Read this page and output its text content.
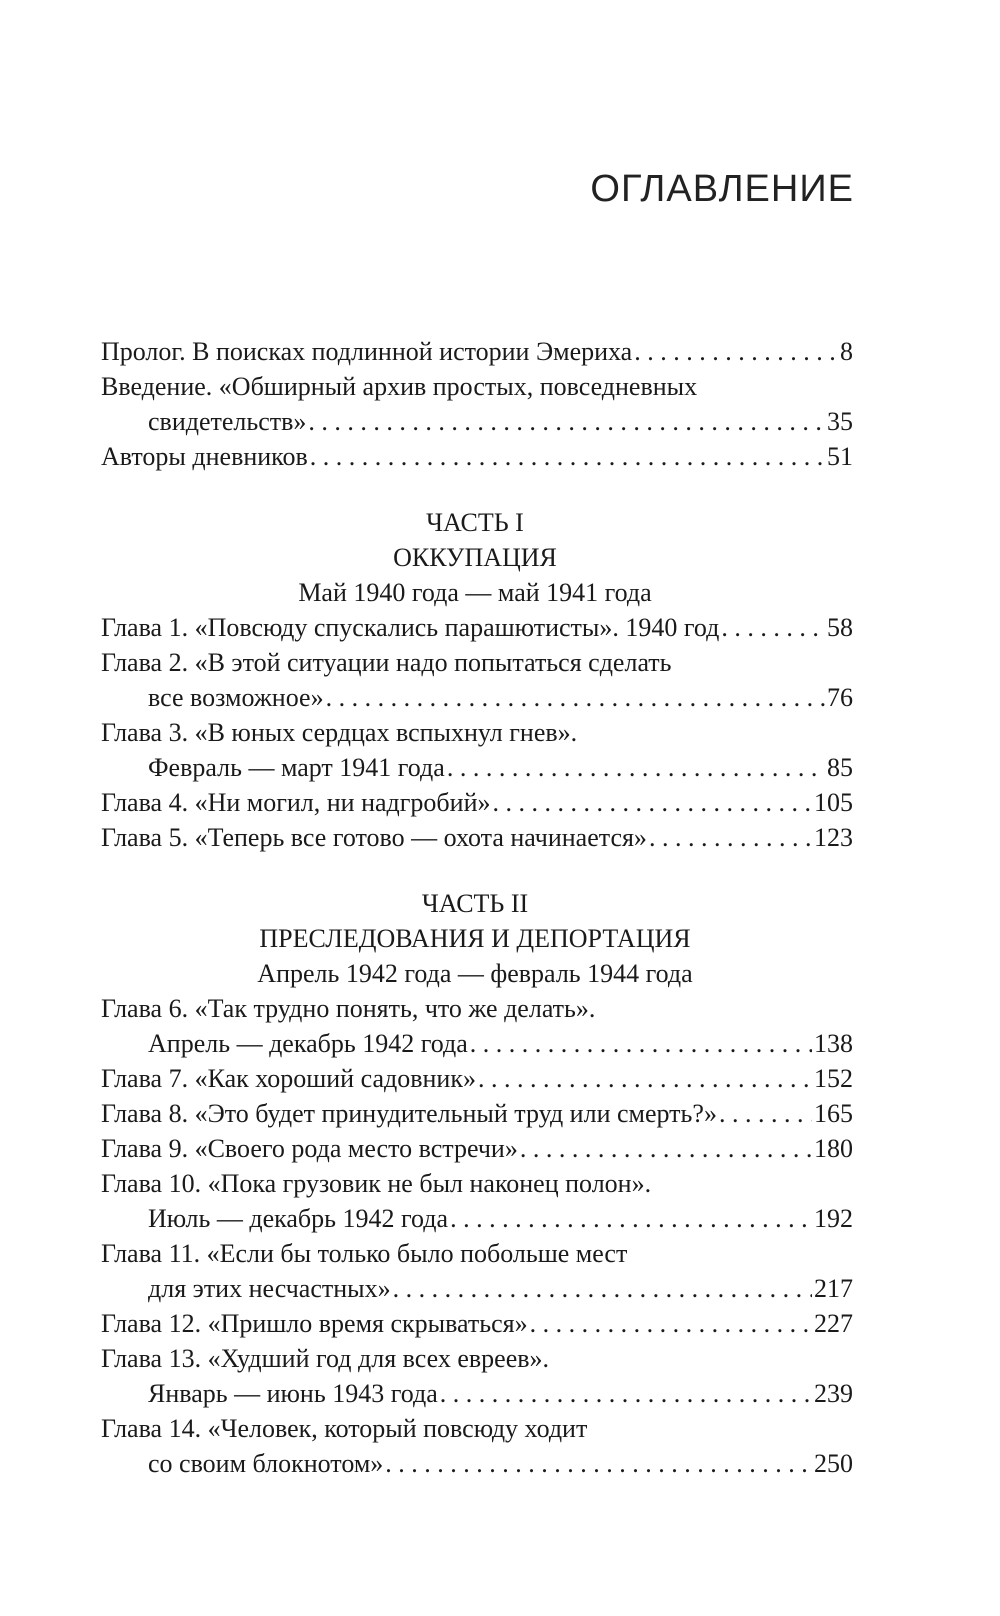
ОГЛАВЛЕНИЕ
Пролог. В поисках подлинной истории Эмериха . . .	8
Введение. «Обширный архив простых, повседневных
свидетельств» . . .	35
Авторы дневников . . .	51
ЧАСТЬ I
ОККУПАЦИЯ
Май 1940 года — май 1941 года
Глава 1. «Повсюду спускались парашютисты». 1940 год . . .	58
Глава 2. «В этой ситуации надо попытаться сделать
все возможное» . . .	76
Глава 3. «В юных сердцах вспыхнул гнев».
Февраль — март 1941 года . . .	85
Глава 4. «Ни могил, ни надгробий» . . .	105
Глава 5. «Теперь все готово — охота начинается» . . .	123
ЧАСТЬ II
ПРЕСЛЕДОВАНИЯ И ДЕПОРТАЦИЯ
Апрель 1942 года — февраль 1944 года
Глава 6. «Так трудно понять, что же делать».
Апрель — декабрь 1942 года . . .	138
Глава 7. «Как хороший садовник» . . .	152
Глава 8. «Это будет принудительный труд или смерть?» . . .	165
Глава 9. «Своего рода место встречи» . . .	180
Глава 10. «Пока грузовик не был наконец полон».
Июль — декабрь 1942 года . . .	192
Глава 11. «Если бы только было побольше мест
для этих несчастных» . . .	217
Глава 12. «Пришло время скрываться» . . .	227
Глава 13. «Худший год для всех евреев».
Январь — июнь 1943 года . . .	239
Глава 14. «Человек, который повсюду ходит
со своим блокнотом» . . .	250
